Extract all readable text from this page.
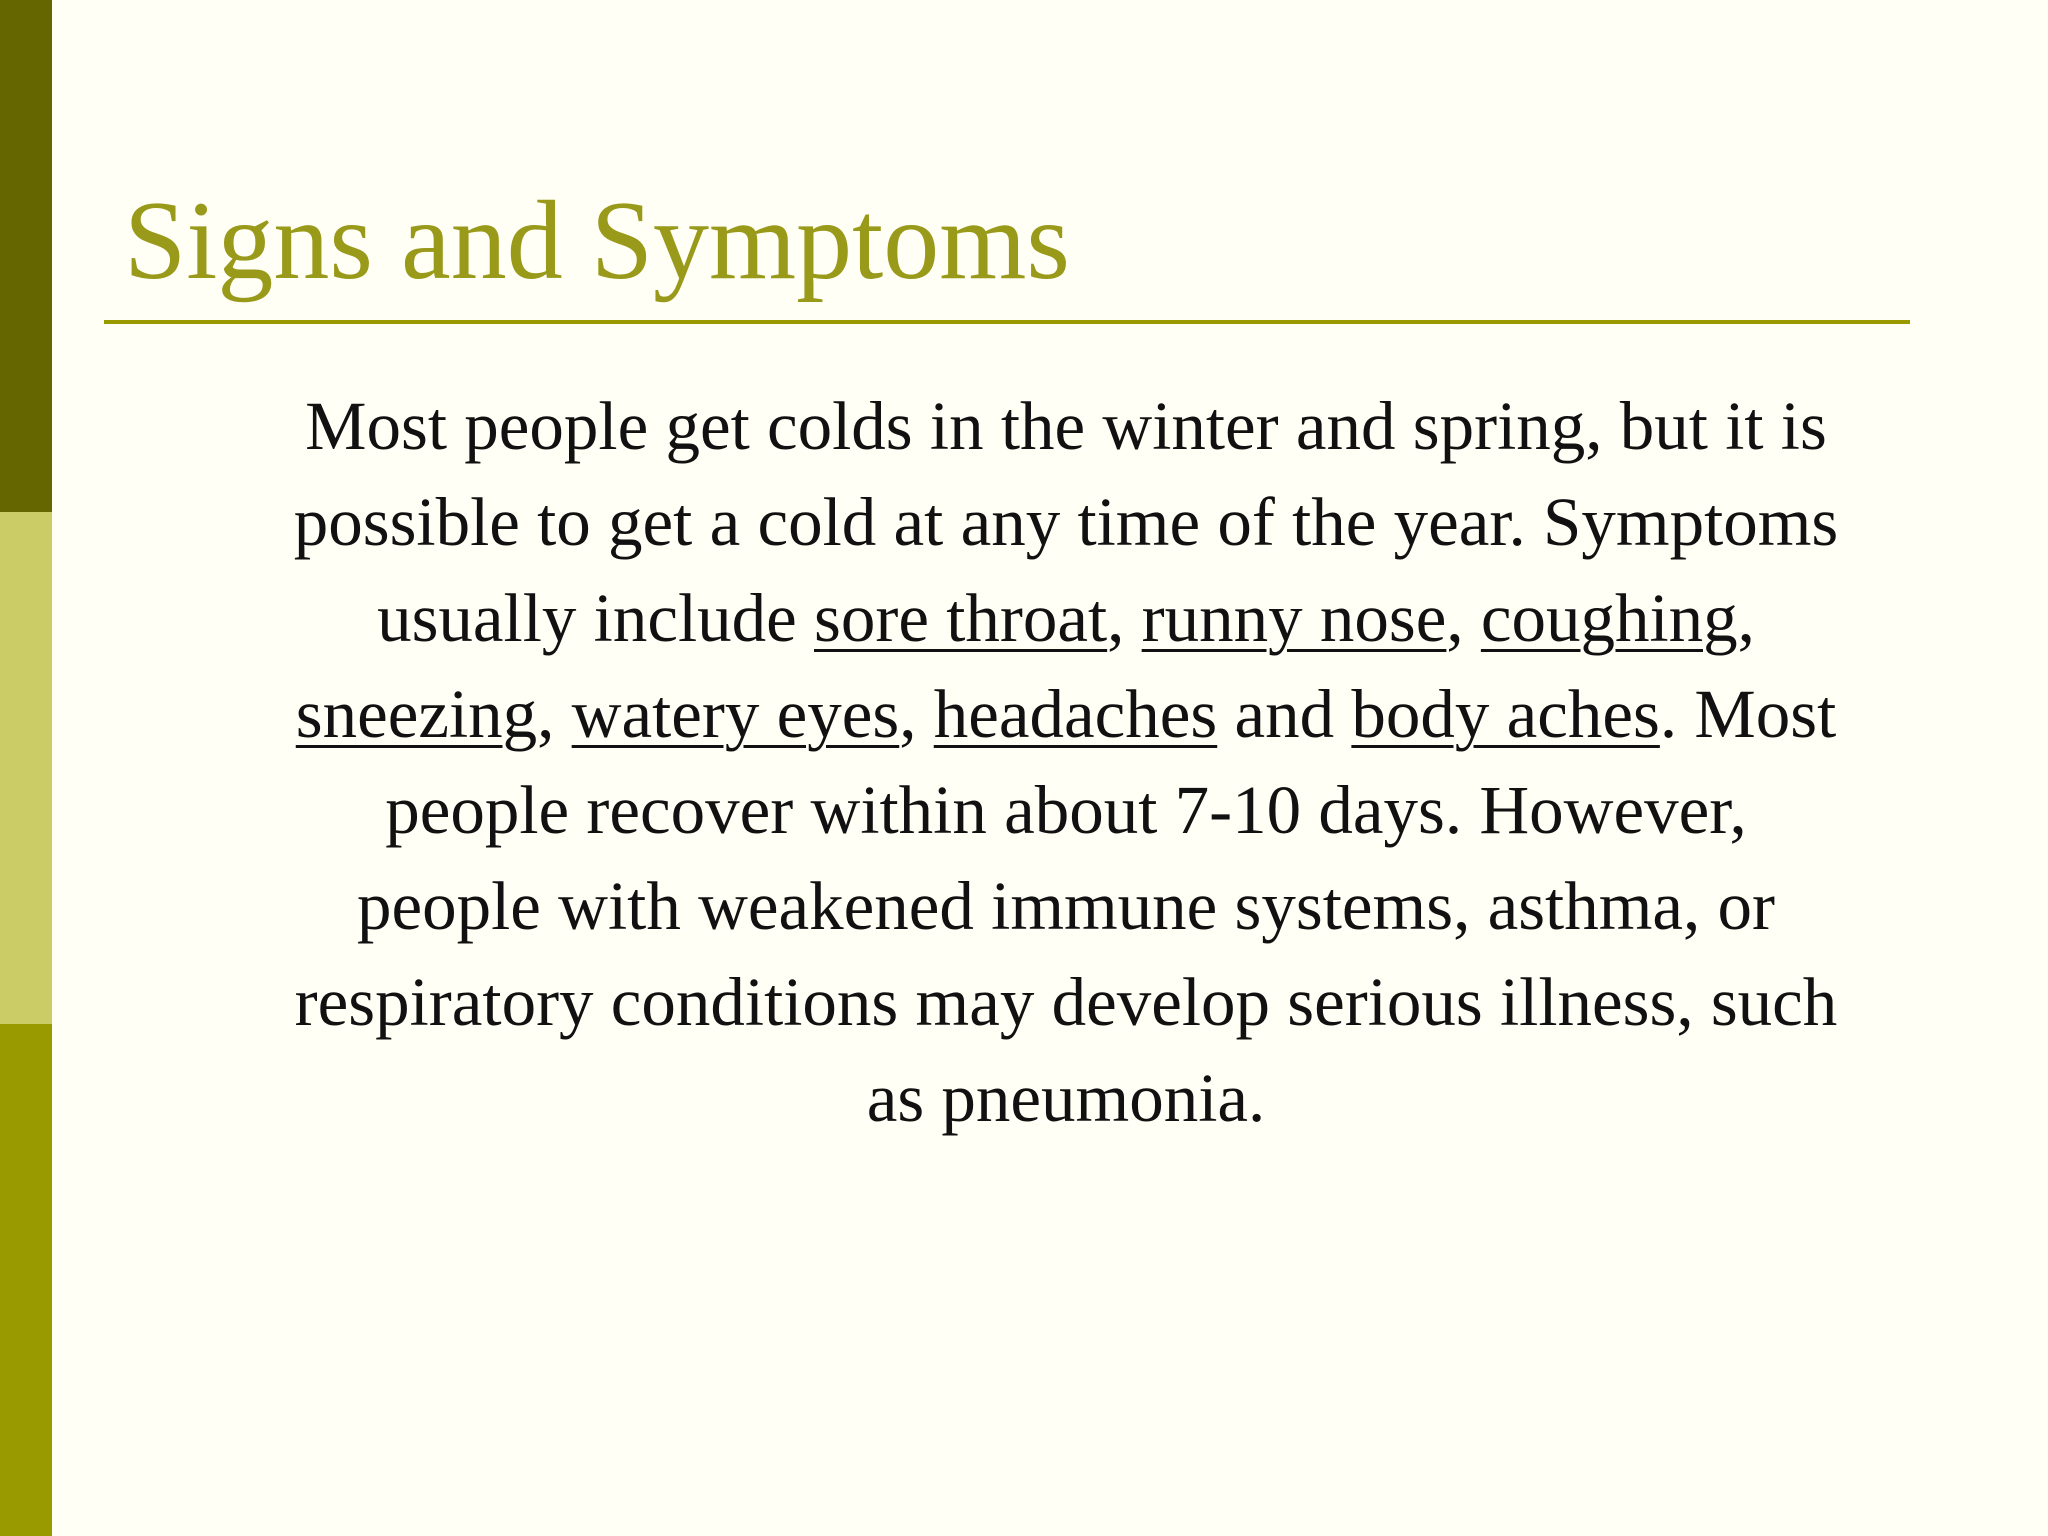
Signs and Symptoms
Most people get colds in the winter and spring, but it is
possible to get a cold at any time of the year. Symptoms
usually include sore throat, runny nose, coughing,
sneezing, watery eyes, headaches and body aches. Most
people recover within about 7-10 days. However,
people with weakened immune systems, asthma, or
respiratory conditions may develop serious illness, such
as pneumonia.
